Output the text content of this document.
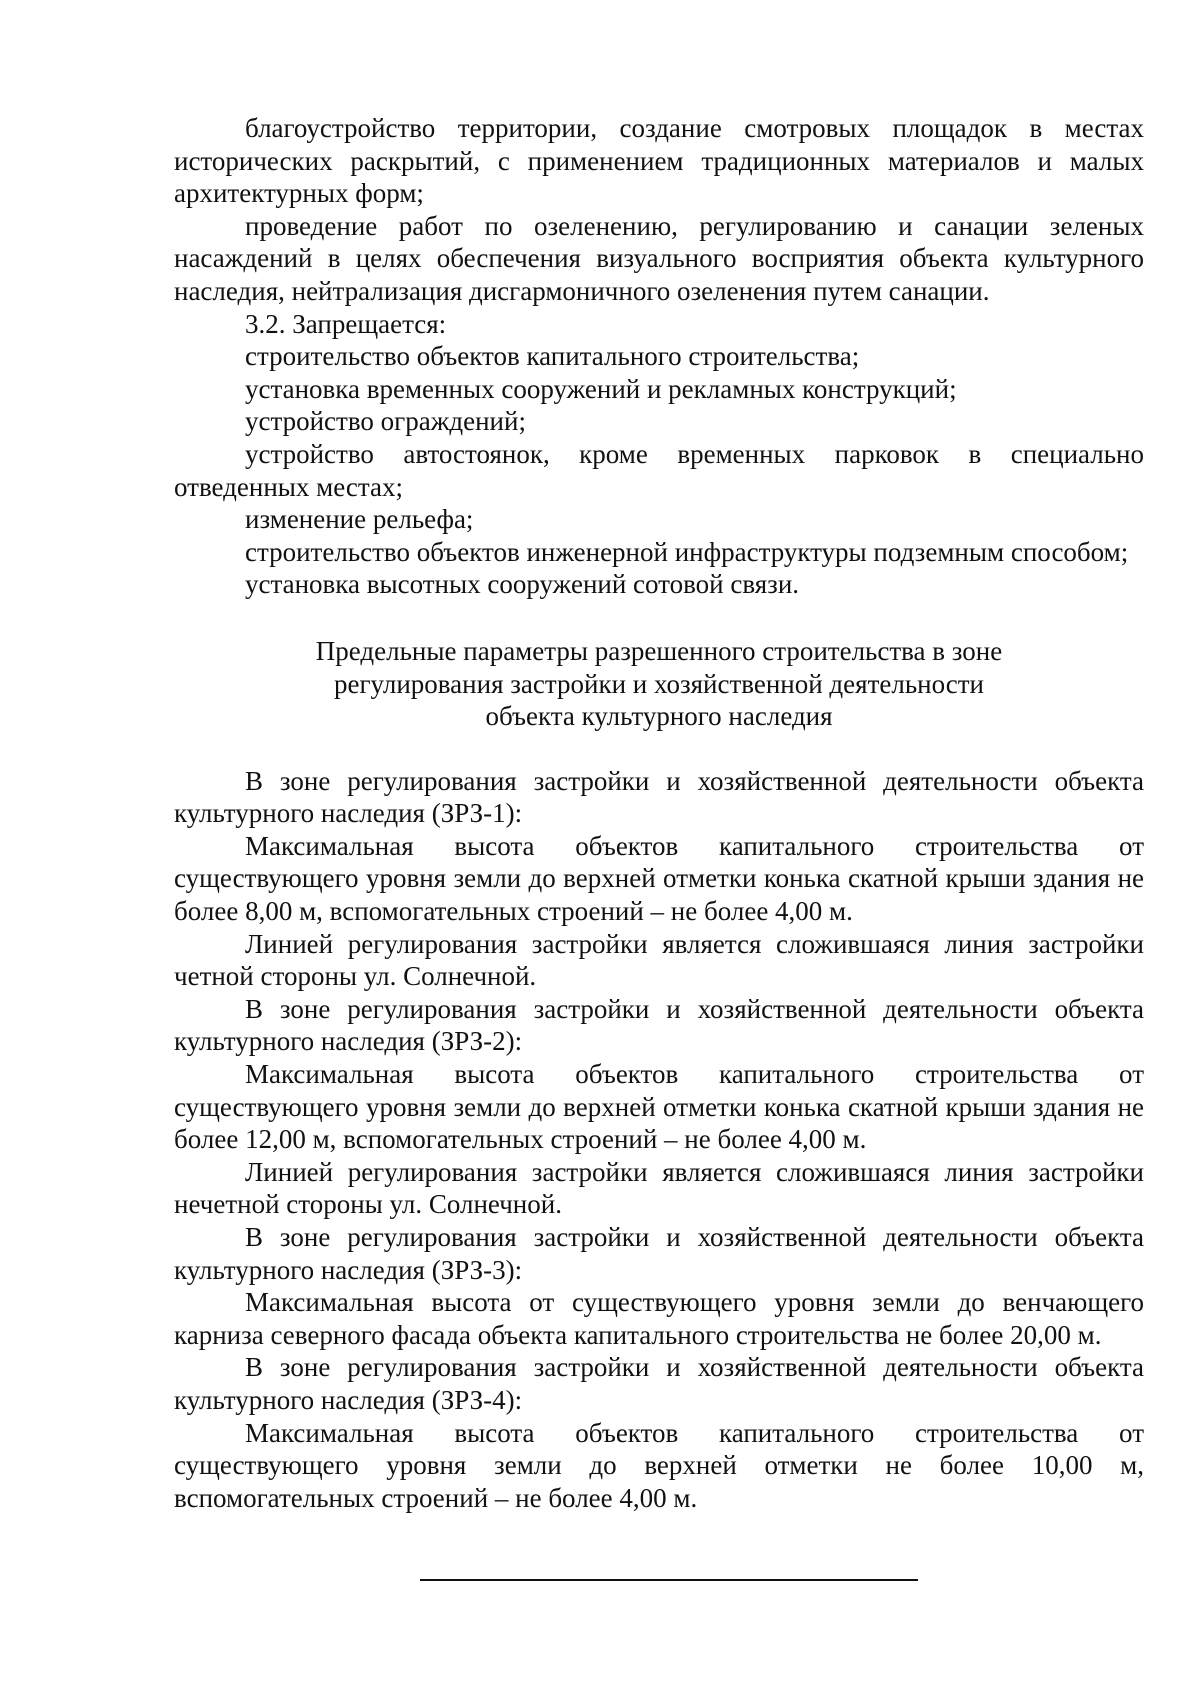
благоустройство территории, создание смотровых площадок в местах исторических раскрытий, с применением традиционных материалов и малых архитектурных форм;

проведение работ по озеленению, регулированию и санации зеленых насаждений в целях обеспечения визуального восприятия объекта культурного наследия, нейтрализация дисгармоничного озеленения путем санации.

3.2. Запрещается:

строительство объектов капитального строительства;

установка временных сооружений и рекламных конструкций;

устройство ограждений;

устройство автостоянок, кроме временных парковок в специально отведенных местах;

изменение рельефа;

строительство объектов инженерной инфраструктуры подземным способом;

установка высотных сооружений сотовой связи.

Предельные параметры разрешенного строительства в зоне
регулирования застройки и хозяйственной деятельности
объекта культурного наследия

В зоне регулирования застройки и хозяйственной деятельности объекта культурного наследия (ЗРЗ-1):

Максимальная высота объектов капитального строительства от существующего уровня земли до верхней отметки конька скатной крыши здания не более 8,00 м, вспомогательных строений – не более 4,00 м.

Линией регулирования застройки является сложившаяся линия застройки четной стороны ул. Солнечной.

В зоне регулирования застройки и хозяйственной деятельности объекта культурного наследия (ЗРЗ-2):

Максимальная высота объектов капитального строительства от существующего уровня земли до верхней отметки конька скатной крыши здания не более 12,00 м, вспомогательных строений – не более 4,00 м.

Линией регулирования застройки является сложившаяся линия застройки нечетной стороны ул. Солнечной.

В зоне регулирования застройки и хозяйственной деятельности объекта культурного наследия (ЗРЗ-3):

Максимальная высота от существующего уровня земли до венчающего карниза северного фасада объекта капитального строительства не более 20,00 м.

В зоне регулирования застройки и хозяйственной деятельности объекта культурного наследия (ЗРЗ-4):

Максимальная высота объектов капитального строительства от существующего уровня земли до верхней отметки не более 10,00 м, вспомогательных строений – не более 4,00 м.
